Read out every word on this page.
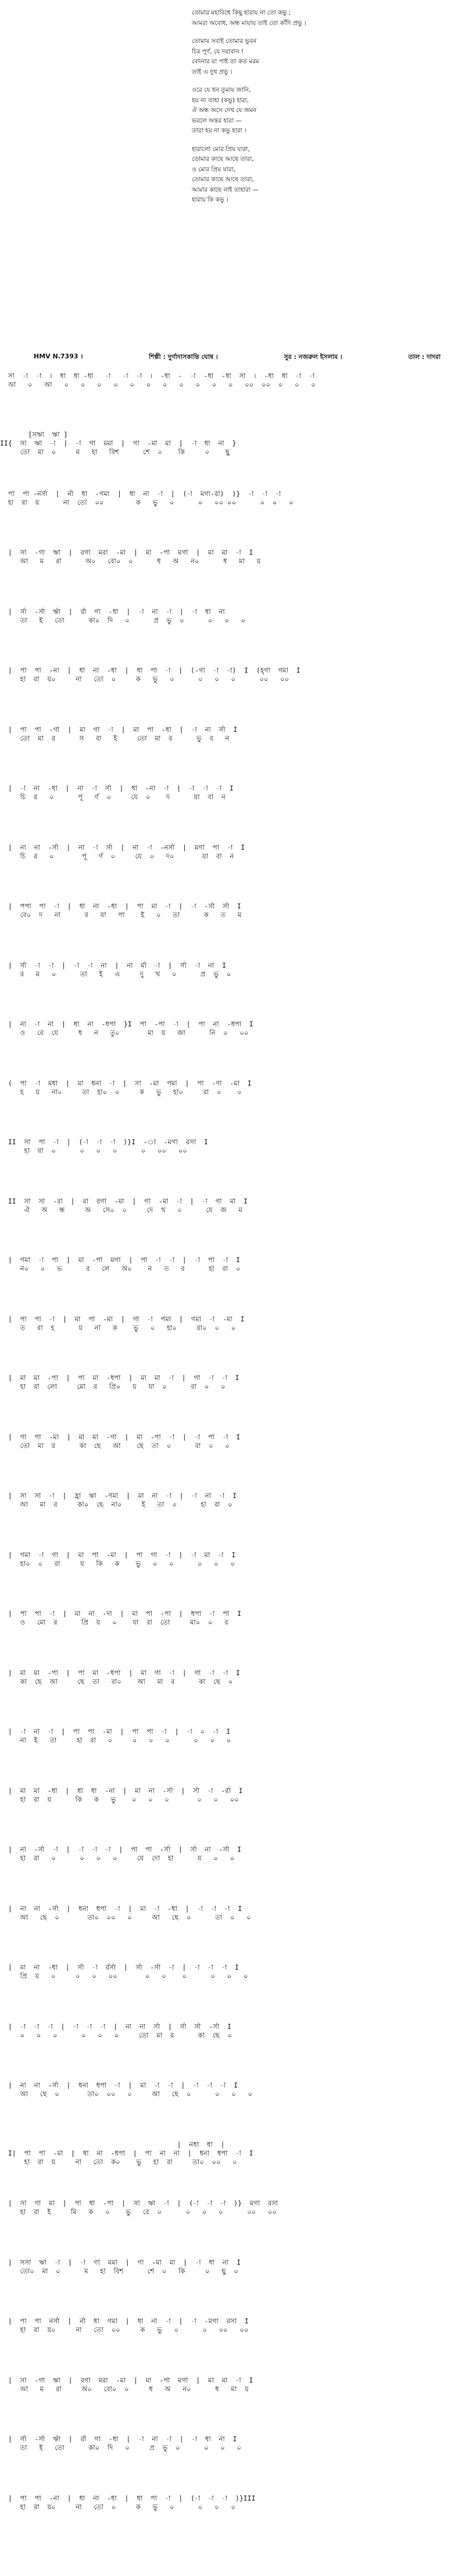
তোমার মহাবিশ্বে কিছু হারায় না তো কভু ;
আমরা অবোধ, অন্ধ মায়ায় তাই তো কাঁদি প্রভু ।
তোমায় সবাই তোমার ভুবন
চির পূর্ণ, যে দয়াবান !
বেদনার যা পাই তা কত মরম
তাই এ দুখ প্রভু ।
ওরে যে ধন তুমায় জানি,
হয় না তাহা (কভু) হারা,
ঐ অন্ধ অসে দেখ যে জমন
ভরলে অন্তর হারা —
তারা হয় না কভু হারা ।
হারালো মোর প্রিয় যারা,
তোমার কাছে আছে তারা,
ও মোর প্রিয় যারা,
তোমার কাছে আছে তারা,
আমার কাছে নাই তাহারা —
হারায় কি কভু ।
HMV N.7393 ।	শিল্পী : দুর্গাদাসকান্তি ঘোষ ।	সুর : নজরুল ইসলাম ।	তাল : দাদরা
সা  -া  -া  ।  ধা  ধা -ধা   -া   -া  -া  ।  -ধা  -  -া  -ধা  -ধা  সা  ।  -ধা  ধা  -া  -া
আ   ০   আ   ০   ০   ০   ০   ০   ০   ০   ০   ০   ০   ০   ০০  ০০  ০   ০   ০
[সঋা  ঋা ]
II{  সা  ঋা  -া  |  -া  গা  মমা  |  গা  -মা  মা  |  -া  ধা  না  }
তো  মা  ০     ম   হা   বিশ      শে  ০    কি     ০    ছু
পা  পা -নর্সা  |  র্না  ধা  -গমা  |  ধা  না  -া  |  (-া  মগা-রা)  )}  -া  -া  -া
হা  রা  য়      না  তো  ০০        ক   ভু   ০      ০   ০০ ০০      ০  ০   ০
|  সা  -গা  ঋা  |  রগা  মরা  -মা  |  মা  -পা  মগা  |  মা  মা  -া  I
আ   ম   রা      অ০   বো০  ০      ধ   অ   ন০      ধ   মা   য়
|  র্সা  -র্সা  র্ঋা  |  র্রা  গা  -ধা  |  -া  না  -া  |  -া  ধা  না
তা   ই   তো      কা০  দি   ০      প্র  ভু  ০      ০   ০   ০
|  পা  পা  -না  |  ধা  না  -ধা  |  ধা  পা  -া  |  (-গা  -া  -া)  I  (হ্গা  গমা  I
হা  রা  য়০     না   তো  ০     ক   ভু   ০      ০   ০   ০      ০০   ০০
|  পা  পা  -গা  |  মা  গা  -া  |  মা  পা  -ধা  |  -া  না  র্সা  I
তো  মা  র      স   বা   ই     তো  মা  র      ভু  ব   ন
|  -া  না  -ধা  |  না  -া  র্সা  |  ধা  -না  -া  |  -া  -া  -া  I
চি  র   ০      পূ   র্ণ  ০     যে  ০    দ      য়া  বা  ন
|  না  না  -র্সা  |  না  -া  র্সা  |  না  -া  -নর্সা  |  মগা  পা  -া  I
চি  র   ০       পূ   র্ণ  ০     যে  ০   দ০       য়া  বা  ন
|  পপা  পা  -া  |  ধা  না  -ধা  |  পা  মা  -া  |  -া  -র্সা  র্সা  I
বে০  দ   না      র   যা   পা    ই   ০   তা      ক   ত   ম
|  র্সা  -া  -া  |  -া  -া  না  |  না  র্মা  -া  |  র্সা  -া  না  I
র   ম   ০      তা   ই   এ     দু   খ   ০      প্র  ভু  ০
|  না  -া  না  |  ধা  না  -ধপা  }I  পা  -পা  -া  |  পা  না  -ধপা  I
ও   রে  যে     ধ   ন   তু০       মা  য়   জা      নি  ০   ০০
(  পা  -া  মধা  |  মা  ধনা  -া  |  সা  -মা  পমা  |  পা  -ণা  -মা  I
হ   য়   না০     তা  হা০  ০     ক   ভু   হা০     রা  ০    ০
II  সা  পা  -া  |  (-া  -া  -া  )}I  -া  -মগা  রসা  I
হা  রা  ০      ০   ০   ০      ০   ০০   ০০
II  সা  সা  -রা  |  রা  রগা  -মা  |  গা  -মা  -া  |  -া  গা  মা  I
ঐ   অ   ন্ধ     অ   সে০  ০     দে  খ   ০      যে  জ   ম
|  গমা  -া  পা  |  মা  -পা  মগা  |  পা  -া  -া  |  -া  পা  -া  I
ন০   ০   ভ      র   লে   অ০    ন   ত   র      হা  রা  ০
|  পা  পা  -া  |  মা  পা  -মা  |  গা  -া  পমা  |  গমা  -া  -মা  I
ত   রা  হ      য়   না   ক    ভু   ০   হা০     রা০  ০   ০
|  মা  মা  -পা  |  পা  মা  -ধপা  |  মা  মা  -া  |  গা  -া  -া  I
হা  রা  লো     মো  র   প্রি০   য়   যা  ০      রা  ০   ০
|  গা  পা  -মা  |  মা  মা  -গা  |  মা  -পা  -া  |  -া  পা  -া  I
তো  মা  র      কা  ছে   আ    ছে  তা  ০      রা  ০   ০
|  সা  সা  -া  |  হ্রা  ঋা  -ণমা  |  মা  না  -া  |  -া  না  -া  I
আ   মা  র     কা০  ছে  না০     ই   তা  ০      হা  রা  ০
|  গমা  -া  গা  |  মা  পা  -মা  |  পা  গা  -া  |  -া  মা  -া  I
হা০  ০   রা     য়   কি   ক    ভু   ০   ০      ০   ০   ০
|  পা  পা  -া  |  মা  না  -দা  |  মা  পা  -পা  |  ধপা  -া  পা  I
ও   মো  র      প্রি  য়   ০    যা  রা  তো     মা০  ০   র
|  মা  মা  -পা  |  পা  মা  -ধপা  |  মা  গা  -া  |  গা  -া  -া  I
কা  ছে  আ     ছে  তা   রা০    আ   মা  র      কা  ছে  ০
|  -া  না  -া  |  পা  পা  -মা  |  পা  পা  -া  |  -া  ০  -া  I
না  ই   তা     হা  রা   ০     ০   ০   ০      ০   ০   ০
|  মা  মা  -ধা  |  ধা  ধা  -না  |  মা  না  -র্সা  |  র্সা  -া  -র্রা  I
হা  রা  য়      কি   ক   ভু    ০   ০   ০       ০   ০   ০০
|  না  -র্সা  -া  |  -া  -া  -া  |  পা  পা  -র্সা  |  র্সা  না  -র্সা  I
হা  রা   ০      ০   ০   ০     যে  দো  হা      য়   ০   ০
|  না  না  -র্সা  |  ধনা  ধপা  -া  |  মা  -া  -ধা  |  -া  -া  -া  I
আ   ছে  ০       তা০  ০০   ০     আ   ছে  ০      তা  ০   ০
|  মা  না  -ধা  |  র্সা  -া  র্রর্সা  |  র্সা  -র্সা  -া  |  -া  -া  -া  I
প্রি  য়   ০     ০   ০   ০০       ০   ০    ০      ০   ০   ০
|  -া  -া  -া  |  -া  -া  -া  |  না  না  র্সা  |  র্সা  র্সা  -র্সা  I
০   ০   ০      ০   ০   ০     তো  মা  র      কা  ছে  ০
|  না  না  -র্সা  |  ধনা  ধপা  -া  |  মা  -া  -া  |  -া  -া  -া  I
আ   ছে  ০       তা০  ০০   ০     আ   ছে  ০      ০   ০   ০
|  নধা  ধা  |
I|  পা  পা  -মা  |  ধা  না  -ধপা  |  পা  না  না  |  ধনা  ধপা  -া  I
হা  রা  য়     না   তো  ক০    ভু   হা  রা     তা০  ০০   ০
|  সা  গা  মা  |  পা  ধা  -পা  |  সা  ঋা  -া  |  (-া  -া  -া  )}  মগা  রসা
হা  রা  ই     মি   ক   ০    ভু   রে  ০      ০   ০   ০      ০০   ০০
|  সসা  ঋা  -া  |  -া  গা  মমা  |  গা  -মা  মা  |  -া  ধা  না  I
তো০  মা  ০      ম   হা  বিশ      শে  ০   কি     ০   ছু  ০
|  পা  পা  নর্সা  |  র্না  ধা  গমা  |  ধা  না  -া  |  -া  -মগা  রসা  I
হা  রা  য়০     না   তো  ০০     ক   ভু   ০      ০   ০০   ০০
|  সা  -গা  ঋা  |  রগা  মরা  -মা  |  মা  -পা  মগা  |  মা  মা  -া  I
আ   ম   রা     অ০   বো০  ০     ধ   অ   ন০      ধ   মা  য়
|  র্সা  -র্সা  র্ঋা  |  র্রা  গা  -ধা  |  -া  না  -া  |  -া  ধা  না  I
তা   ই   তো      কা০  দি   ০     প্র  ভু  ০      ০   ০   ০
|  পা  পা  -না  |  ধা  না  -ধা  |  ধা  পা  -া  |  (-া  -া  -া  )}III
হা  রা  য়০     না   তো  ০     ক   ভু   ০      ০   ০   ০
